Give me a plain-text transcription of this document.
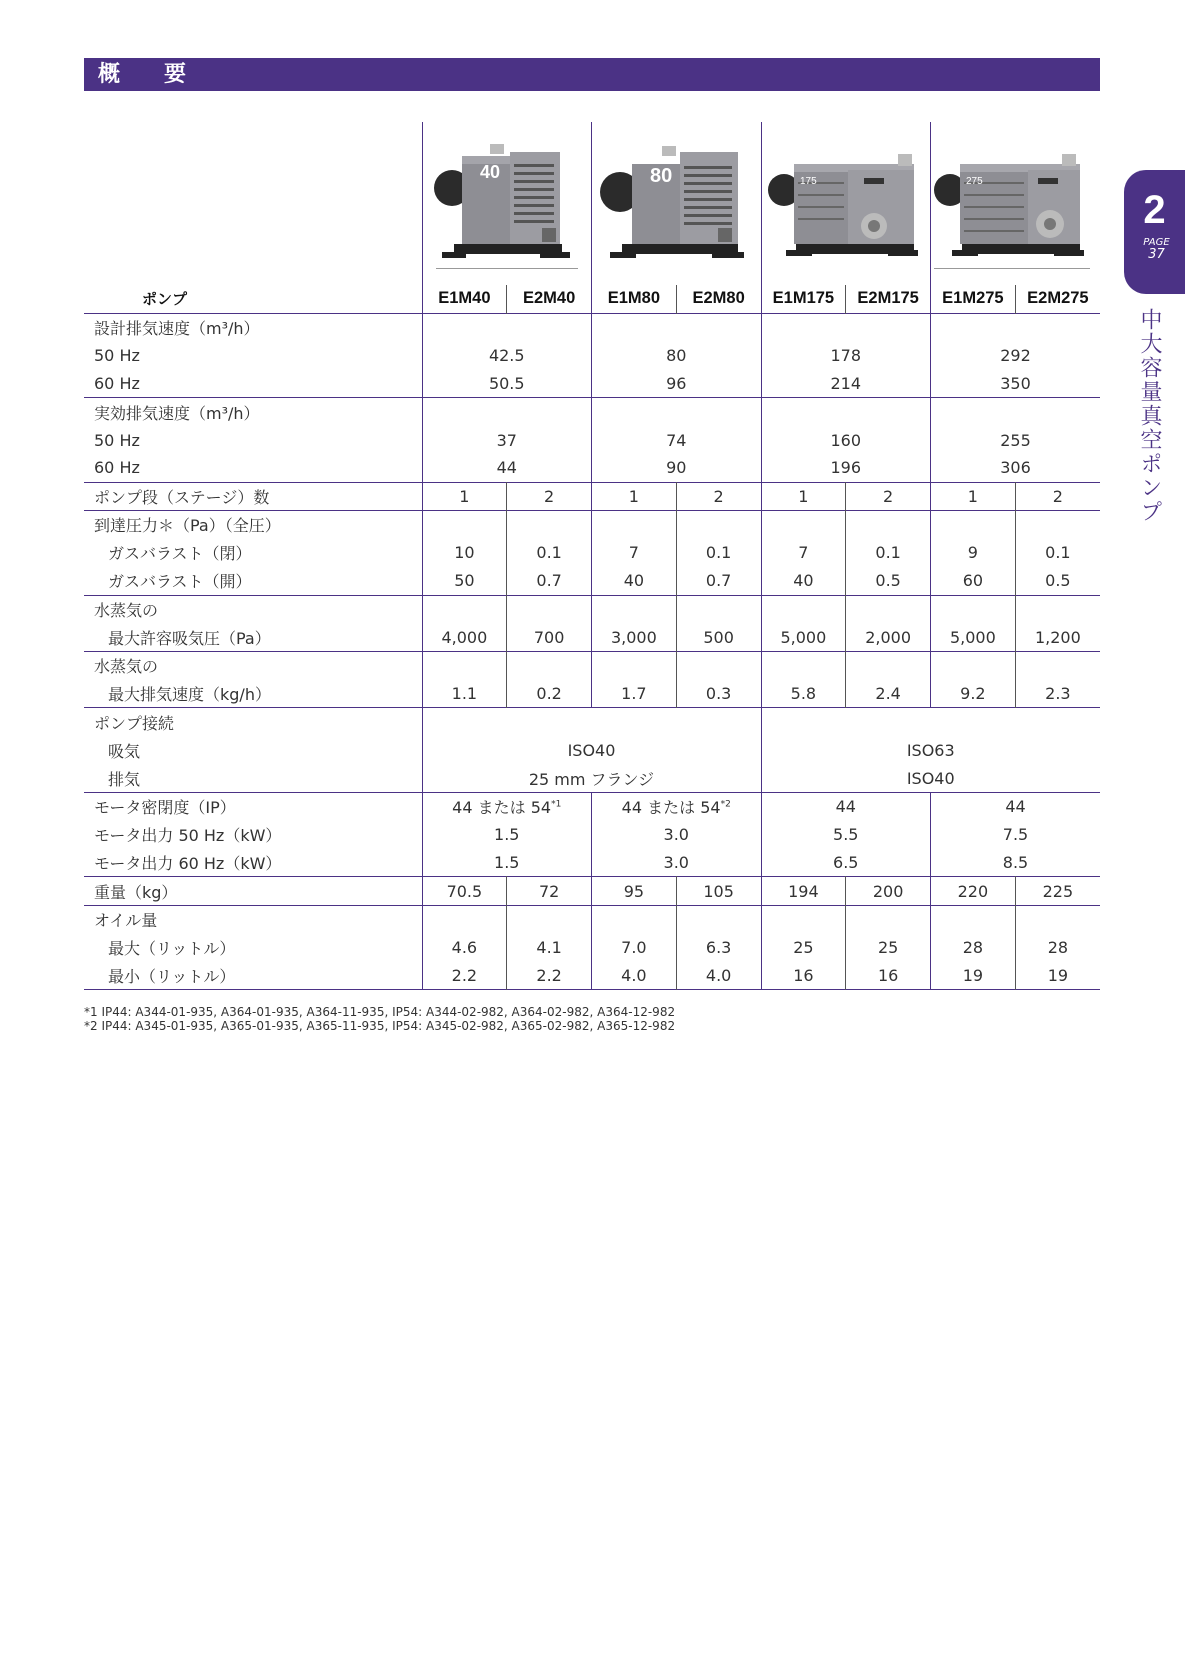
概 要
2
PAGE
37
中大容量真空ポンプ
40	80	175	275
ポンプ	E1M40	E2M40	E1M80	E2M80	E1M175	E2M175	E1M275	E2M275
設計排気速度（m³/h）								
50 Hz	42.5		80		178		292	
60 Hz	50.5		96		214		350	
実効排気速度（m³/h）								
50 Hz	37		74		160		255	
60 Hz	44		90		196		306	
ポンプ段（ステージ）数	1	2	1	2	1	2	1	2
到達圧力＊（Pa）（全圧）								
ガスバラスト（閉）	10	0.1	7	0.1	7	0.1	9	0.1
ガスバラスト（開）	50	0.7	40	0.7	40	0.5	60	0.5
水蒸気の								
最大許容吸気圧（Pa）	4,000	700	3,000	500	5,000	2,000	5,000	1,200
水蒸気の								
最大排気速度（kg/h）	1.1	0.2	1.7	0.3	5.8	2.4	9.2	2.3
ポンプ接続								
吸気	ISO40				ISO63			
排気	25 mm フランジ				ISO40			
モータ密閉度（IP）	44 または 54$^{*1}$		44 または 54$^{*2}$		44		44	
モータ出力 50 Hz（kW）	1.5		3.0		5.5		7.5	
モータ出力 60 Hz（kW）	1.5		3.0		6.5		8.5	
重量（kg）	70.5	72	95	105	194	200	220	225
オイル量								
最大（リットル）	4.6	4.1	7.0	6.3	25	25	28	28
最小（リットル）	2.2	2.2	4.0	4.0	16	16	19	19
*1 IP44: A344-01-935, A364-01-935, A364-11-935, IP54: A344-02-982, A364-02-982, A364-12-982
*2 IP44: A345-01-935, A365-01-935, A365-11-935, IP54: A345-02-982, A365-02-982, A365-12-982
